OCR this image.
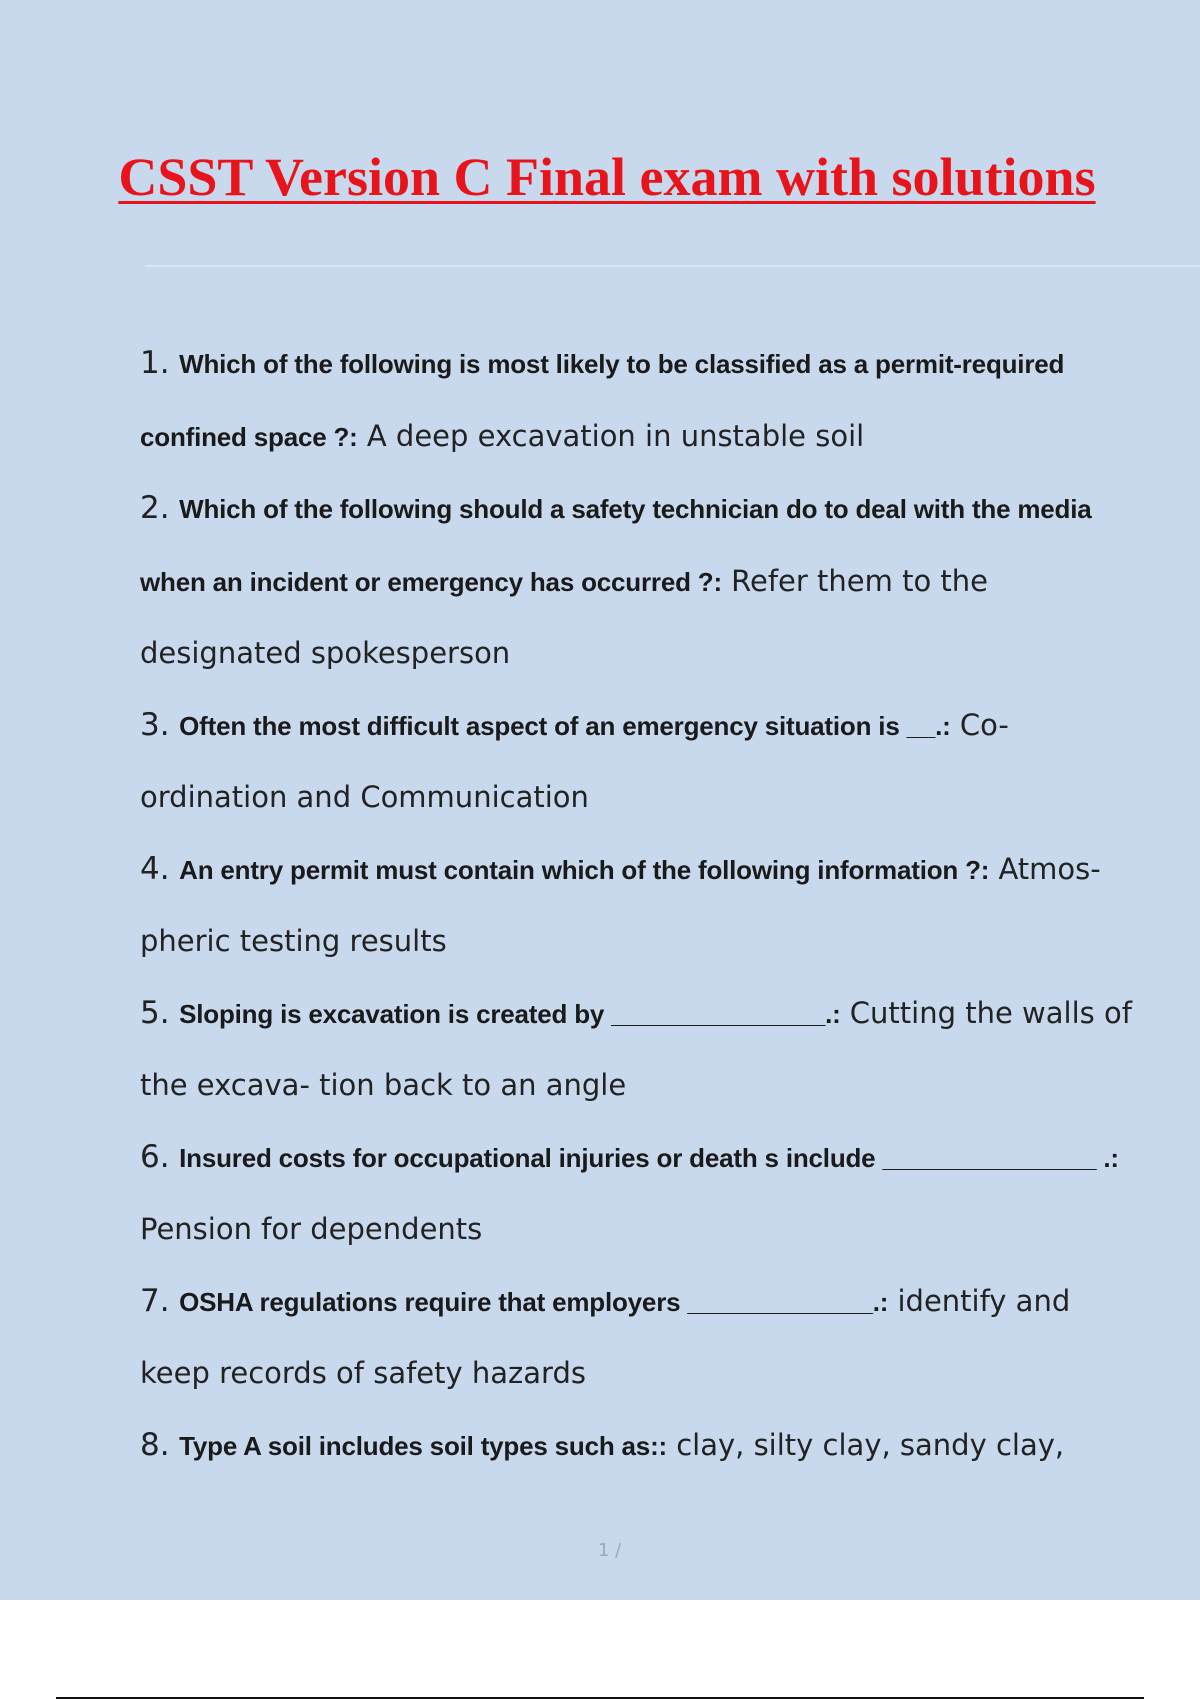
CSST Version C Final exam with solutions

1. Which of the following is most likely to be classified as a permit-required confined space ?: A deep excavation in unstable soil

2. Which of the following should a safety technician do to deal with the media when an incident or emergency has occurred ?: Refer them to the designated spokesperson

3. Often the most difficult aspect of an emergency situation is __.: Co-ordination and Communication

4. An entry permit must contain which of the following information ?: Atmos- pheric testing results

5. Sloping is excavation is created by _______________.: Cutting the walls of the excava- tion back to an angle

6. Insured costs for occupational injuries or death s include _______________ .: Pension for dependents

7. OSHA regulations require that employers _____________.: identify and keep records of safety hazards

8. Type A soil includes soil types such as:: clay, silty clay, sandy clay,

1 /
